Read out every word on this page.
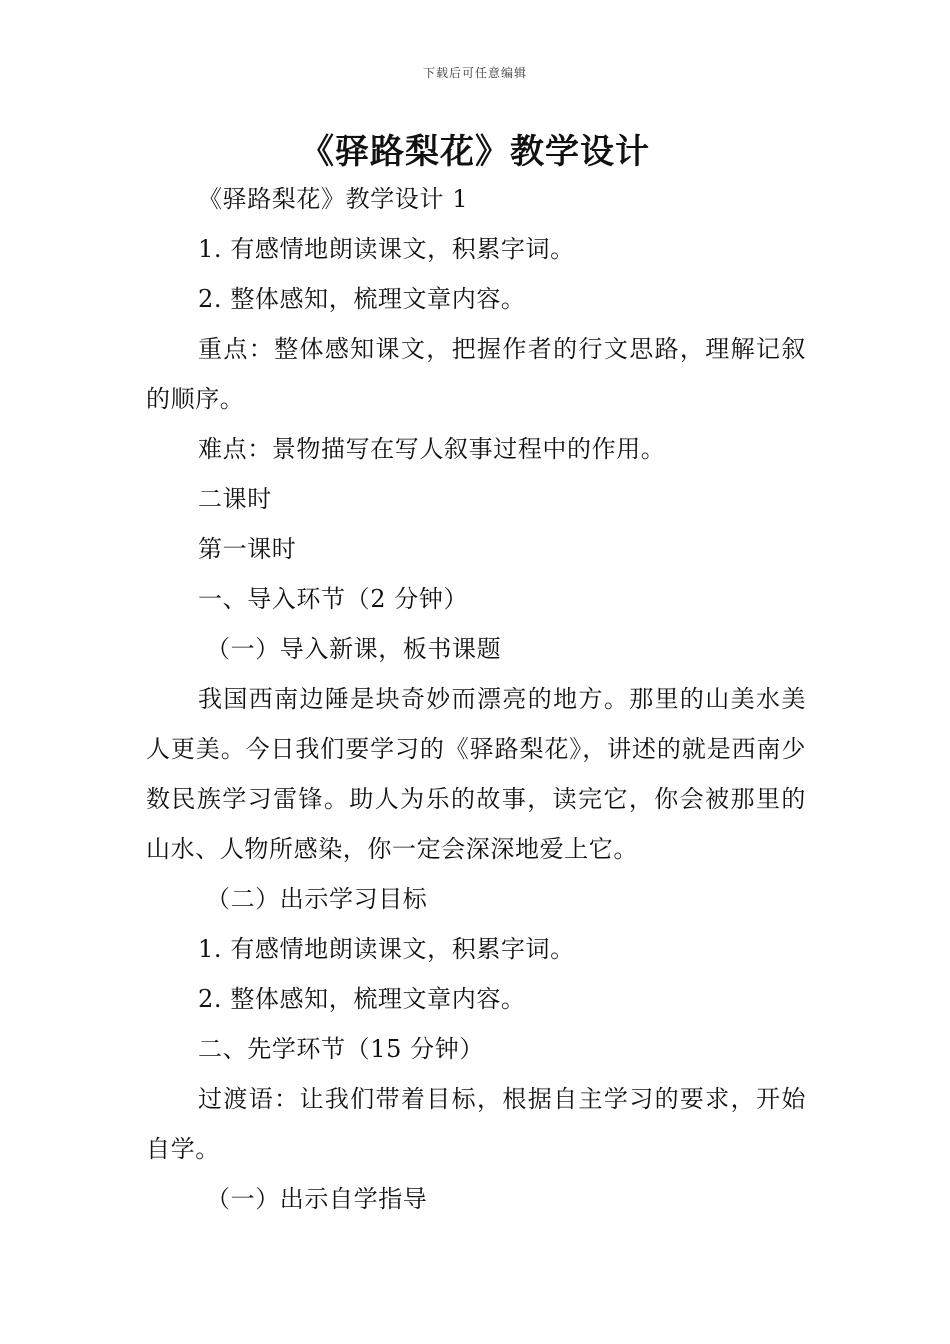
下载后可任意编辑
《驿路梨花》教学设计

《驿路梨花》教学设计 1

1. 有感情地朗读课文，积累字词。

2. 整体感知，梳理文章内容。

重点：整体感知课文，把握作者的行文思路，理解记叙的顺序。

难点：景物描写在写人叙事过程中的作用。

二课时

第一课时

一、导入环节（2 分钟）

（一）导入新课，板书课题

我国西南边陲是块奇妙而漂亮的地方。那里的山美水美人更美。今日我们要学习的《驿路梨花》，讲述的就是西南少数民族学习雷锋。助人为乐的故事，读完它，你会被那里的山水、人物所感染，你一定会深深地爱上它。

（二）出示学习目标

1. 有感情地朗读课文，积累字词。

2. 整体感知，梳理文章内容。

二、先学环节（15 分钟）

过渡语：让我们带着目标，根据自主学习的要求，开始自学。

（一）出示自学指导
